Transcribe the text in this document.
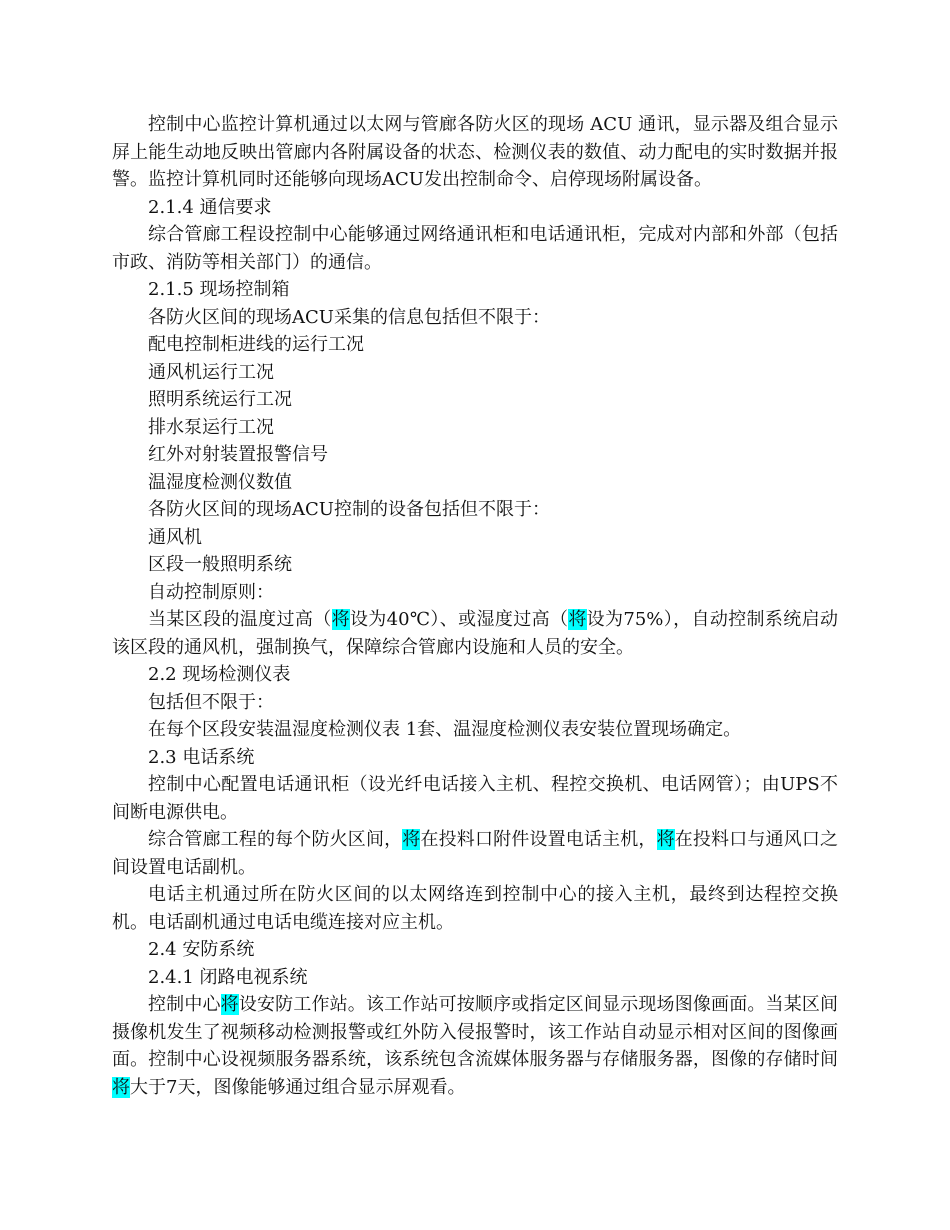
控制中心监控计算机通过以太网与管廊各防火区的现场 ACU 通讯，显示器及组合显示屏上能生动地反映出管廊内各附属设备的状态、检测仪表的数值、动力配电的实时数据并报警。监控计算机同时还能够向现场ACU发出控制命令、启停现场附属设备。

2.1.4 通信要求

综合管廊工程设控制中心能够通过网络通讯柜和电话通讯柜，完成对内部和外部（包括市政、消防等相关部门）的通信。

2.1.5 现场控制箱

各防火区间的现场ACU采集的信息包括但不限于：

配电控制柜进线的运行工况

通风机运行工况

照明系统运行工况

排水泵运行工况

红外对射装置报警信号

温湿度检测仪数值

各防火区间的现场ACU控制的设备包括但不限于：

通风机

区段一般照明系统

自动控制原则：

当某区段的温度过高（将设为40℃）、或湿度过高（将设为75%），自动控制系统启动该区段的通风机，强制换气，保障综合管廊内设施和人员的安全。

2.2 现场检测仪表

包括但不限于：

在每个区段安装温湿度检测仪表 1套、温湿度检测仪表安装位置现场确定。

2.3 电话系统

控制中心配置电话通讯柜（设光纤电话接入主机、程控交换机、电话网管）；由UPS不间断电源供电。

综合管廊工程的每个防火区间，将在投料口附件设置电话主机，将在投料口与通风口之间设置电话副机。

电话主机通过所在防火区间的以太网络连到控制中心的接入主机，最终到达程控交换机。电话副机通过电话电缆连接对应主机。

2.4 安防系统

2.4.1 闭路电视系统

控制中心将设安防工作站。该工作站可按顺序或指定区间显示现场图像画面。当某区间摄像机发生了视频移动检测报警或红外防入侵报警时，该工作站自动显示相对区间的图像画面。控制中心设视频服务器系统，该系统包含流媒体服务器与存储服务器，图像的存储时间将大于7天，图像能够通过组合显示屏观看。
